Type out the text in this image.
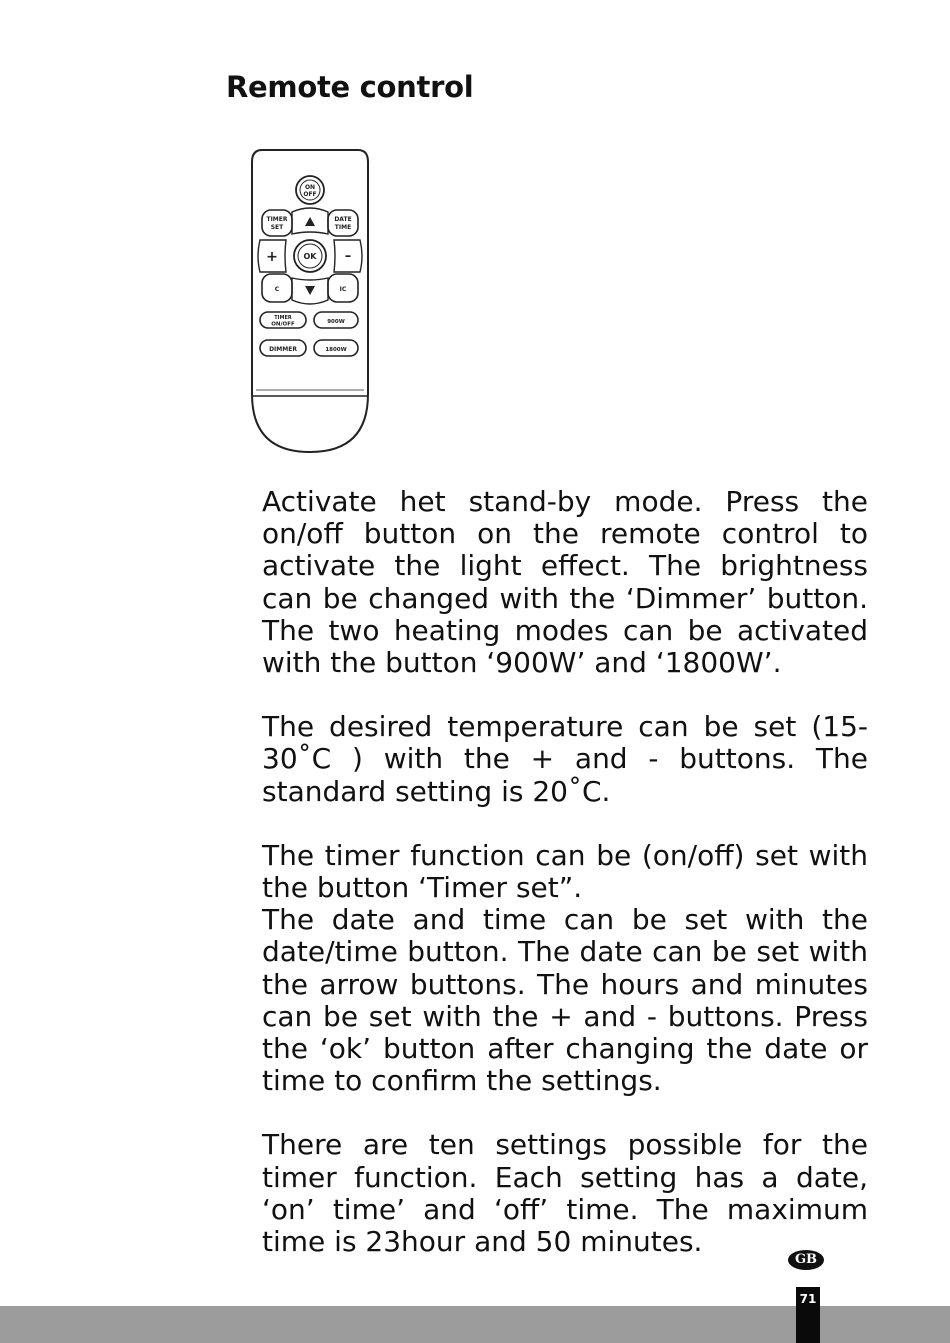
Remote control
ON
OFF
TIMER
SET
DATE
TIME
+	–
OK
C	IC
TIMER
ON/OFF	900W
DIMMER	1800W

Activate het stand-by mode. Press the on/off button on the remote control to activate the light effect. The brightness can be changed with the ‘Dimmer’ button. The two heating modes can be activated with the button ‘900W’ and ‘1800W’.

The desired temperature can be set (15-30˚C ) with the + and - buttons. The standard setting is 20˚C.

The timer function can be (on/off) set with the button ‘Timer set”.

The date and time can be set with the date/time button. The date can be set with the arrow buttons. The hours and minutes can be set with the + and - buttons. Press the ‘ok’ button after changing the date or time to confirm the settings.

There are ten settings possible for the timer function. Each setting has a date, ‘on’ time’ and ‘off’ time. The maximum time is 23hour and 50 minutes.

GB
71
